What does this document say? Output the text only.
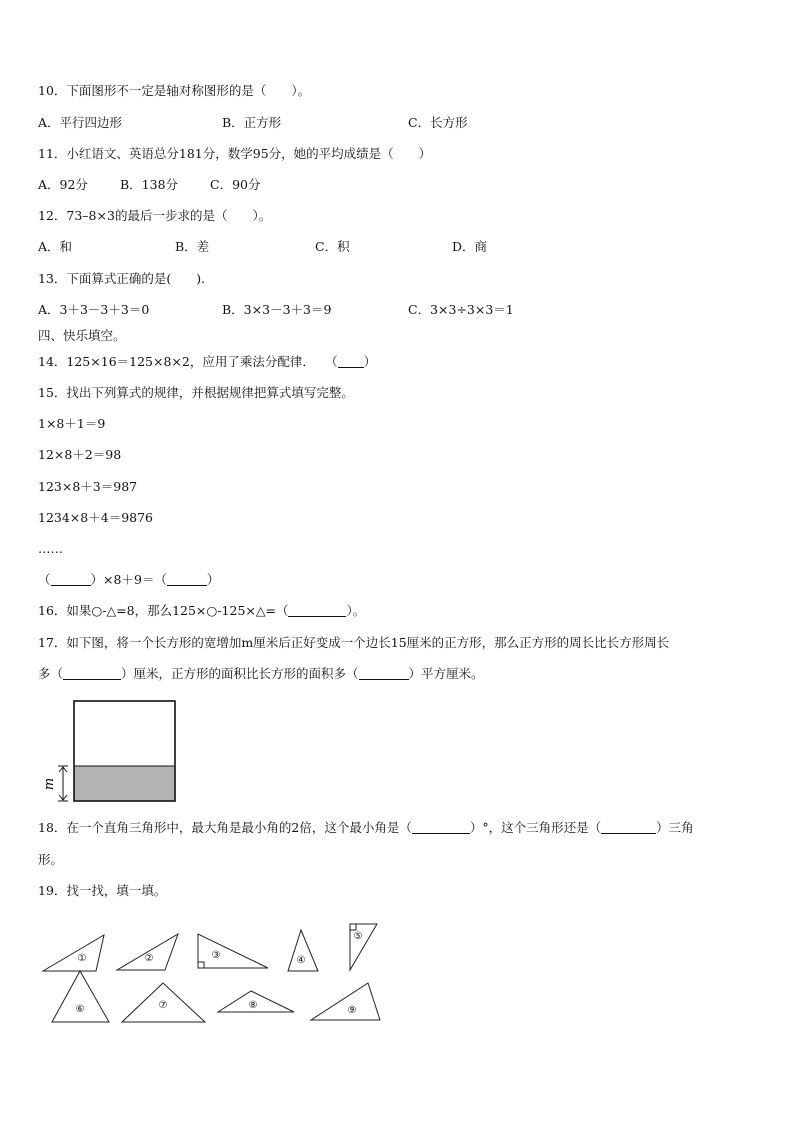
10．下面图形不一定是轴对称图形的是（　　）。
A．平行四边形	B．正方形	C．长方形
11．小红语文、英语总分181分，数学95分，她的平均成绩是（　　）
A．92分	B．138分	C．90分
12．73–8×3的最后一步求的是（　　）。
A．和	B．差	C．积	D．商
13．下面算式正确的是(　　).
A．3＋3－3＋3＝0	B．3×3－3＋3＝9	C．3×3÷3×3＝1
四、快乐填空。
14．125×16＝125×8×2，应用了乘法分配律．　 （ ）
15．找出下列算式的规律，并根据规律把算式填写完整。
1×8＋1＝9
12×8＋2＝98
123×8＋3＝987
1234×8＋4＝9876
……
（	）×8＋9＝（	）
16．如果○-△=8，那么125×○-125×△=（	）。
17．如下图，将一个长方形的宽增加m厘米后正好变成一个边长15厘米的正方形，那么正方形的周长比长方形周长
多（	）厘米，正方形的面积比长方形的面积多（	）平方厘米。
m
18．在一个直角三角形中，最大角是最小角的2倍，这个最小角是（	）°，这个三角形还是（	）三角
形。
19．找一找，填一填。
①	②	③	④
⑤
⑥	⑦	⑧	⑨
